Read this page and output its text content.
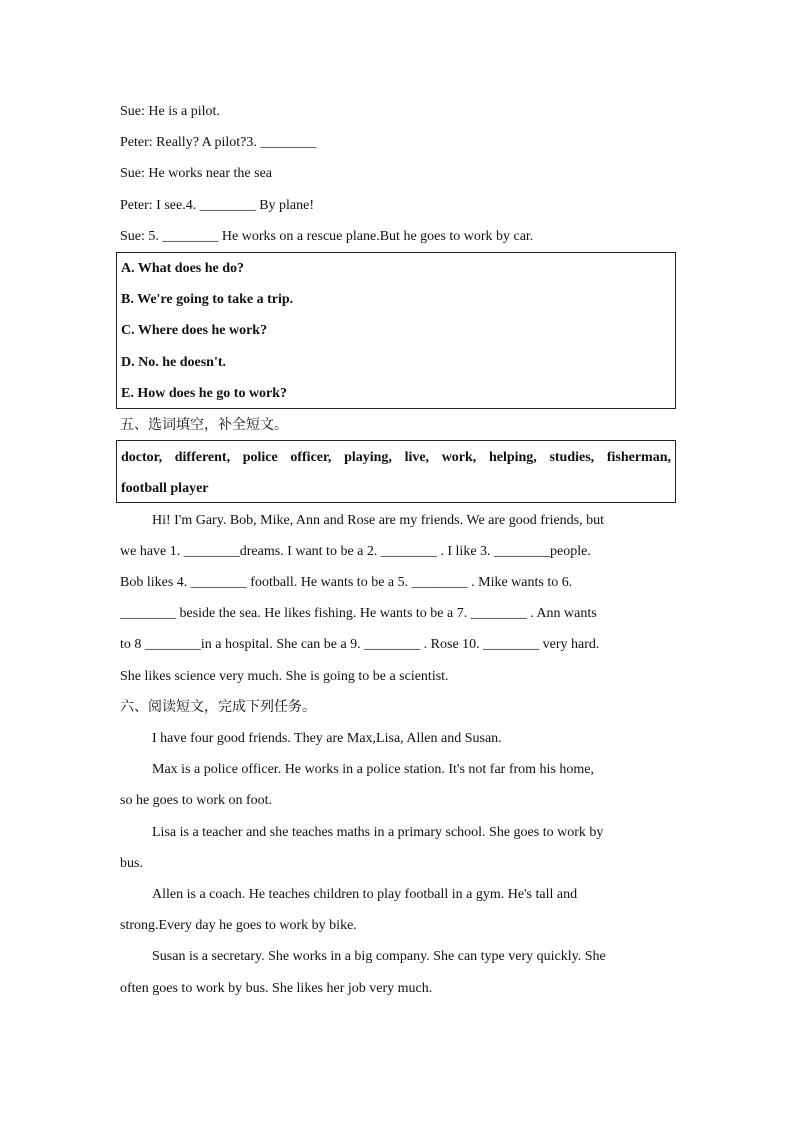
Sue: He is a pilot.
Peter: Really? A pilot?3. ________
Sue: He works near the sea
Peter: I see.4. ________ By plane!
Sue: 5. ________ He works on a rescue plane.But he goes to work by car.
A. What does he do?
B. We're going to take a trip.
C. Where does he work?
D. No. he doesn't.
E. How does he go to work?
五、选词填空，补全短文。
doctor, different, police officer, playing, live, work, helping, studies, fisherman,
football player
Hi! I'm Gary. Bob, Mike, Ann and Rose are my friends. We are good friends, but
we have 1. ________dreams. I want to be a 2. ________ . I like 3. ________people.
Bob likes 4. ________ football. He wants to be a 5. ________ . Mike wants to 6.
________ beside the sea. He likes fishing. He wants to be a 7. ________ . Ann wants
to 8 ________in a hospital. She can be a 9. ________ . Rose 10. ________ very hard.
She likes science very much. She is going to be a scientist.
六、阅读短文，完成下列任务。
I have four good friends. They are Max,Lisa, Allen and Susan.
Max is a police officer. He works in a police station. It's not far from his home,
so he goes to work on foot.
Lisa is a teacher and she teaches maths in a primary school. She goes to work by
bus.
Allen is a coach. He teaches children to play football in a gym. He's tall and
strong.Every day he goes to work by bike.
Susan is a secretary. She works in a big company. She can type very quickly. She
often goes to work by bus. She likes her job very much.
